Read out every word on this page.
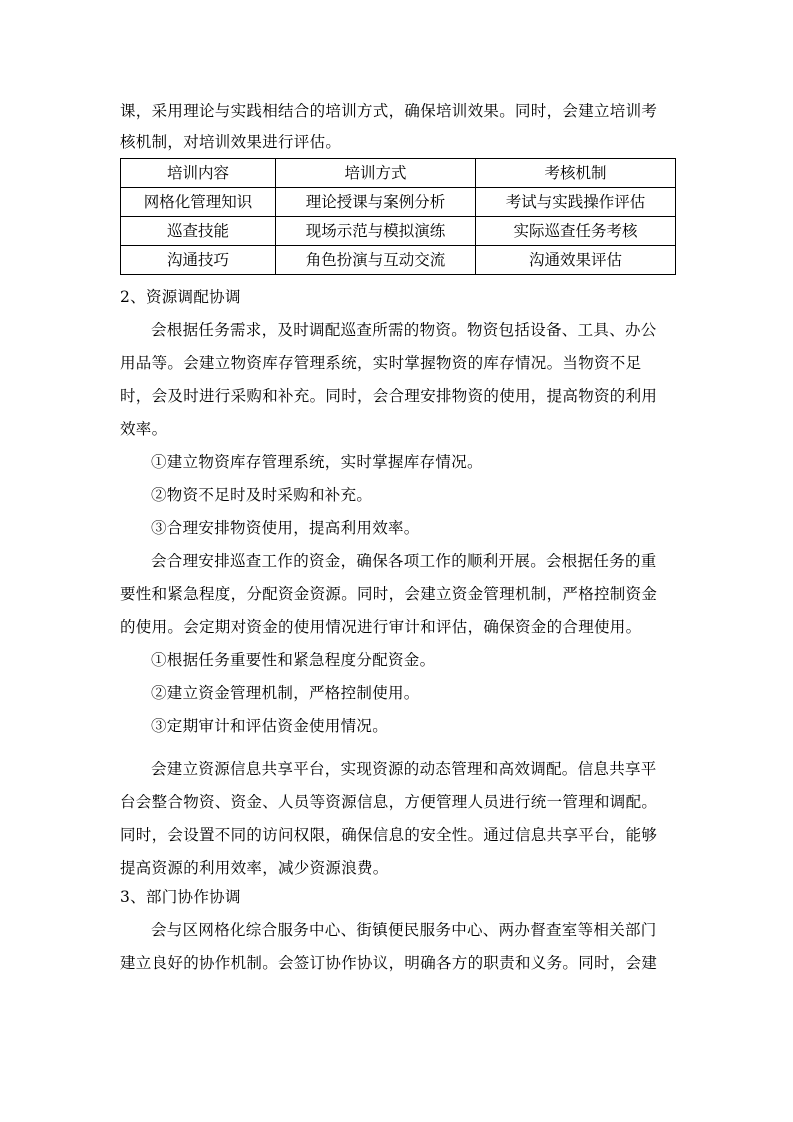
课，采用理论与实践相结合的培训方式，确保培训效果。同时，会建立培训考
核机制，对培训效果进行评估。
培训内容	培训方式	考核机制
网格化管理知识	理论授课与案例分析	考试与实践操作评估
巡查技能	现场示范与模拟演练	实际巡查任务考核
沟通技巧	角色扮演与互动交流	沟通效果评估
2、资源调配协调
会根据任务需求，及时调配巡查所需的物资。物资包括设备、工具、办公
用品等。会建立物资库存管理系统，实时掌握物资的库存情况。当物资不足
时，会及时进行采购和补充。同时，会合理安排物资的使用，提高物资的利用
效率。
①建立物资库存管理系统，实时掌握库存情况。
②物资不足时及时采购和补充。
③合理安排物资使用，提高利用效率。
会合理安排巡查工作的资金，确保各项工作的顺利开展。会根据任务的重
要性和紧急程度，分配资金资源。同时，会建立资金管理机制，严格控制资金
的使用。会定期对资金的使用情况进行审计和评估，确保资金的合理使用。
①根据任务重要性和紧急程度分配资金。
②建立资金管理机制，严格控制使用。
③定期审计和评估资金使用情况。
会建立资源信息共享平台，实现资源的动态管理和高效调配。信息共享平
台会整合物资、资金、人员等资源信息，方便管理人员进行统一管理和调配。
同时，会设置不同的访问权限，确保信息的安全性。通过信息共享平台，能够
提高资源的利用效率，减少资源浪费。
3、部门协作协调
会与区网格化综合服务中心、街镇便民服务中心、两办督查室等相关部门
建立良好的协作机制。会签订协作协议，明确各方的职责和义务。同时，会建
